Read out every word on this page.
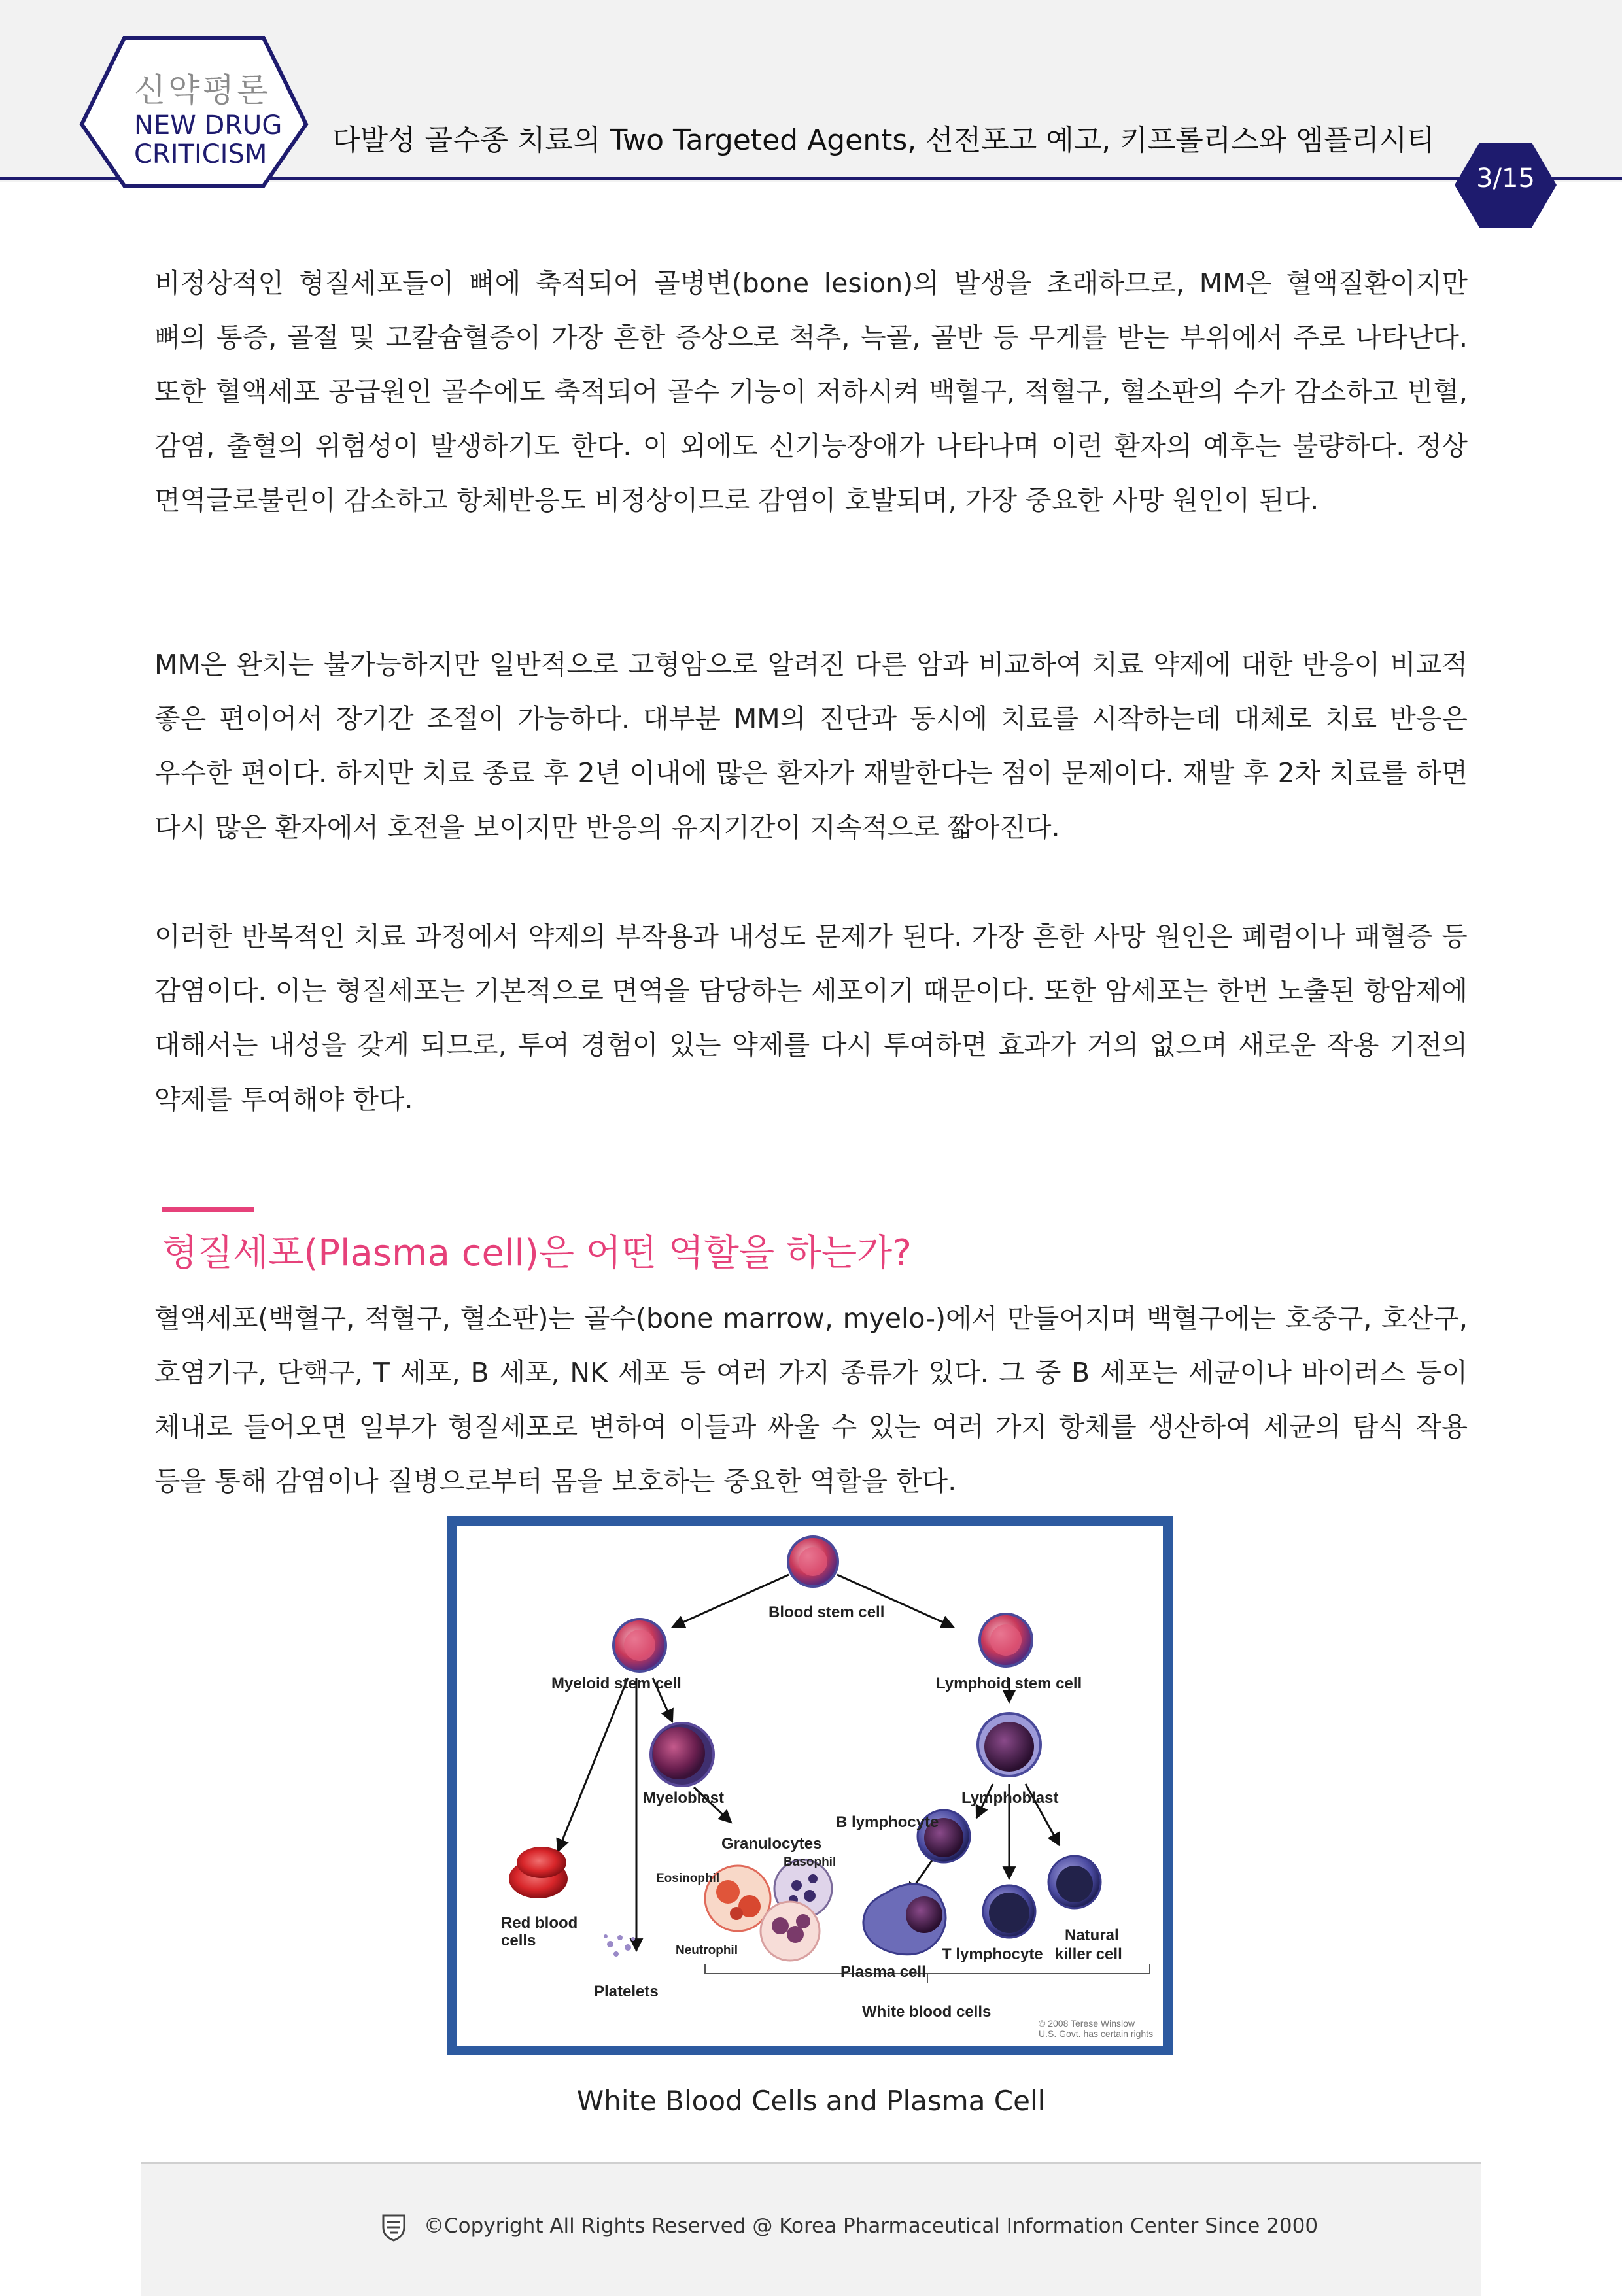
신약평론
NEW DRUG
CRITICISM 다발성 골수종 치료의 Two Targeted Agents, 선전포고 예고, 키프롤리스와 엠플리시티
3/15

비정상적인 형질세포들이 뼈에 축적되어 골병변(bone lesion)의 발생을 초래하므로, MM은 혈액질환이지만 뼈의 통증, 골절 및 고칼슘혈증이 가장 흔한 증상으로 척추, 늑골, 골반 등 무게를 받는 부위에서 주로 나타난다. 또한 혈액세포 공급원인 골수에도 축적되어 골수 기능이 저하시켜 백혈구, 적혈구, 혈소판의 수가 감소하고 빈혈, 감염, 출혈의 위험성이 발생하기도 한다. 이 외에도 신기능장애가 나타나며 이런 환자의 예후는 불량하다. 정상 면역글로불린이 감소하고 항체반응도 비정상이므로 감염이 호발되며, 가장 중요한 사망 원인이 된다.

MM은 완치는 불가능하지만 일반적으로 고형암으로 알려진 다른 암과 비교하여 치료 약제에 대한 반응이 비교적 좋은 편이어서 장기간 조절이 가능하다. 대부분 MM의 진단과 동시에 치료를 시작하는데 대체로 치료 반응은 우수한 편이다. 하지만 치료 종료 후 2년 이내에 많은 환자가 재발한다는 점이 문제이다. 재발 후 2차 치료를 하면 다시 많은 환자에서 호전을 보이지만 반응의 유지기간이 지속적으로 짧아진다.

이러한 반복적인 치료 과정에서 약제의 부작용과 내성도 문제가 된다. 가장 흔한 사망 원인은 폐렴이나 패혈증 등 감염이다. 이는 형질세포는 기본적으로 면역을 담당하는 세포이기 때문이다. 또한 암세포는 한번 노출된 항암제에 대해서는 내성을 갖게 되므로, 투여 경험이 있는 약제를 다시 투여하면 효과가 거의 없으며 새로운 작용 기전의 약제를 투여해야 한다.

형질세포(Plasma cell)은 어떤 역할을 하는가?

혈액세포(백혈구, 적혈구, 혈소판)는 골수(bone marrow, myelo-)에서 만들어지며 백혈구에는 호중구, 호산구, 호염기구, 단핵구, T 세포, B 세포, NK 세포 등 여러 가지 종류가 있다. 그 중 B 세포는 세균이나 바이러스 등이 체내로 들어오면 일부가 형질세포로 변하여 이들과 싸울 수 있는 여러 가지 항체를 생산하여 세균의 탐식 작용 등을 통해 감염이나 질병으로부터 몸을 보호하는 중요한 역할을 한다.

Blood stem cell
Myeloid stem cell	Lymphoid stem cell
Myeloblast	Lymphoblast
B lymphocyte
Granulocytes
Basophil
Eosinophil
Neutrophil
Red blood
cells
Platelets
Plasma cell
T lymphocyte
Natural
killer cell
White blood cells
© 2008 Terese Winslow
U.S. Govt. has certain rights
White Blood Cells and Plasma Cell
©Copyright All Rights Reserved @ Korea Pharmaceutical Information Center Since 2000
